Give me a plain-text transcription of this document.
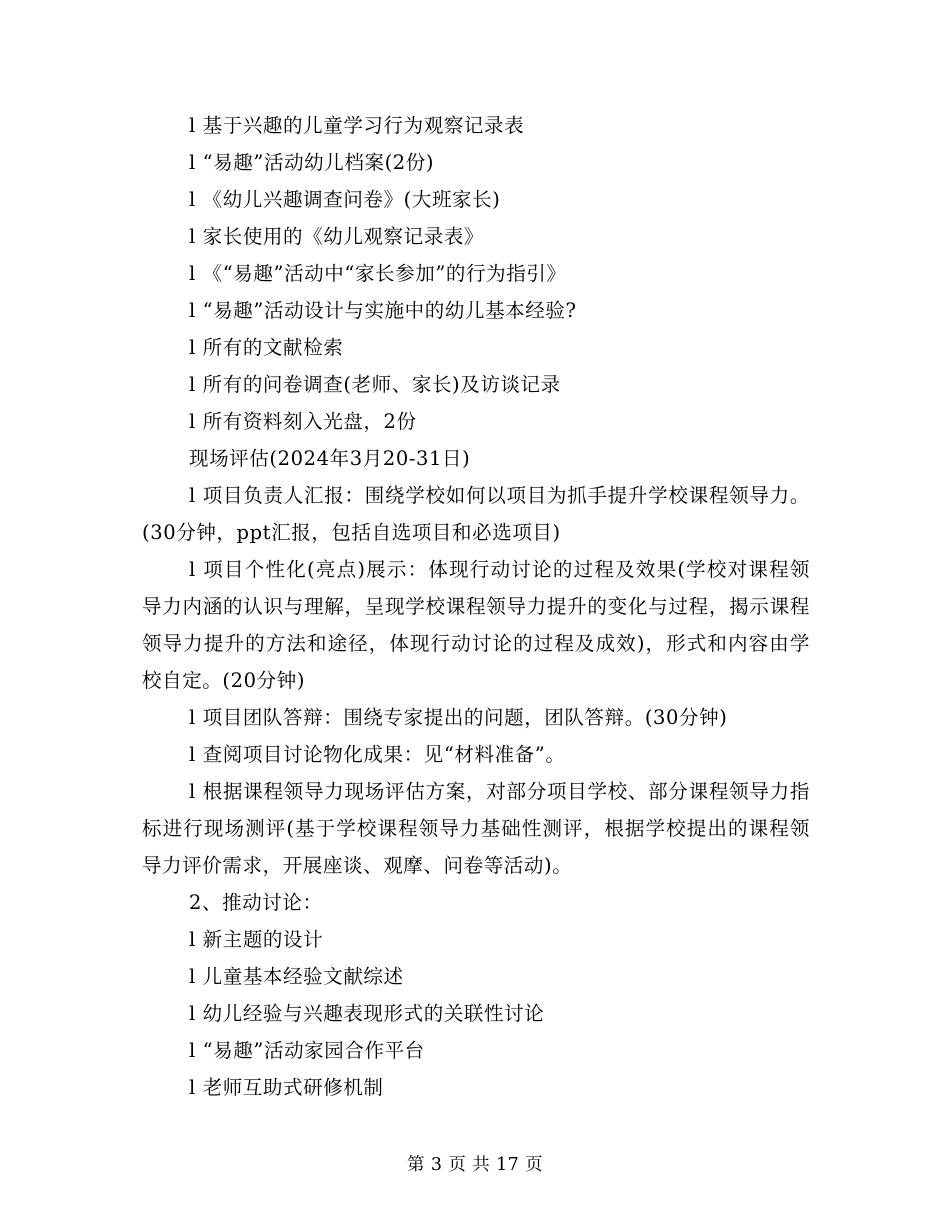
l 基于兴趣的儿童学习行为观察记录表

l “易趣”活动幼儿档案(2份)

l 《幼儿兴趣调查问卷》(大班家长)

l 家长使用的《幼儿观察记录表》

l 《“易趣”活动中“家长参加”的行为指引》

l “易趣”活动设计与实施中的幼儿基本经验?

l 所有的文献检索

l 所有的问卷调查(老师、家长)及访谈记录

l 所有资料刻入光盘，2份

现场评估(2024年3月20-31日)

l 项目负责人汇报：围绕学校如何以项目为抓手提升学校课程领导力。(30分钟，ppt汇报，包括自选项目和必选项目)

l 项目个性化(亮点)展示：体现行动讨论的过程及效果(学校对课程领导力内涵的认识与理解，呈现学校课程领导力提升的变化与过程，揭示课程领导力提升的方法和途径，体现行动讨论的过程及成效)，形式和内容由学校自定。(20分钟)

l 项目团队答辩：围绕专家提出的问题，团队答辩。(30分钟)

l 查阅项目讨论物化成果：见“材料准备”。

l 根据课程领导力现场评估方案，对部分项目学校、部分课程领导力指标进行现场测评(基于学校课程领导力基础性测评，根据学校提出的课程领导力评价需求，开展座谈、观摩、问卷等活动)。

2、推动讨论：

l 新主题的设计

l 儿童基本经验文献综述

l 幼儿经验与兴趣表现形式的关联性讨论

l “易趣”活动家园合作平台

l 老师互助式研修机制

第 3 页 共 17 页
